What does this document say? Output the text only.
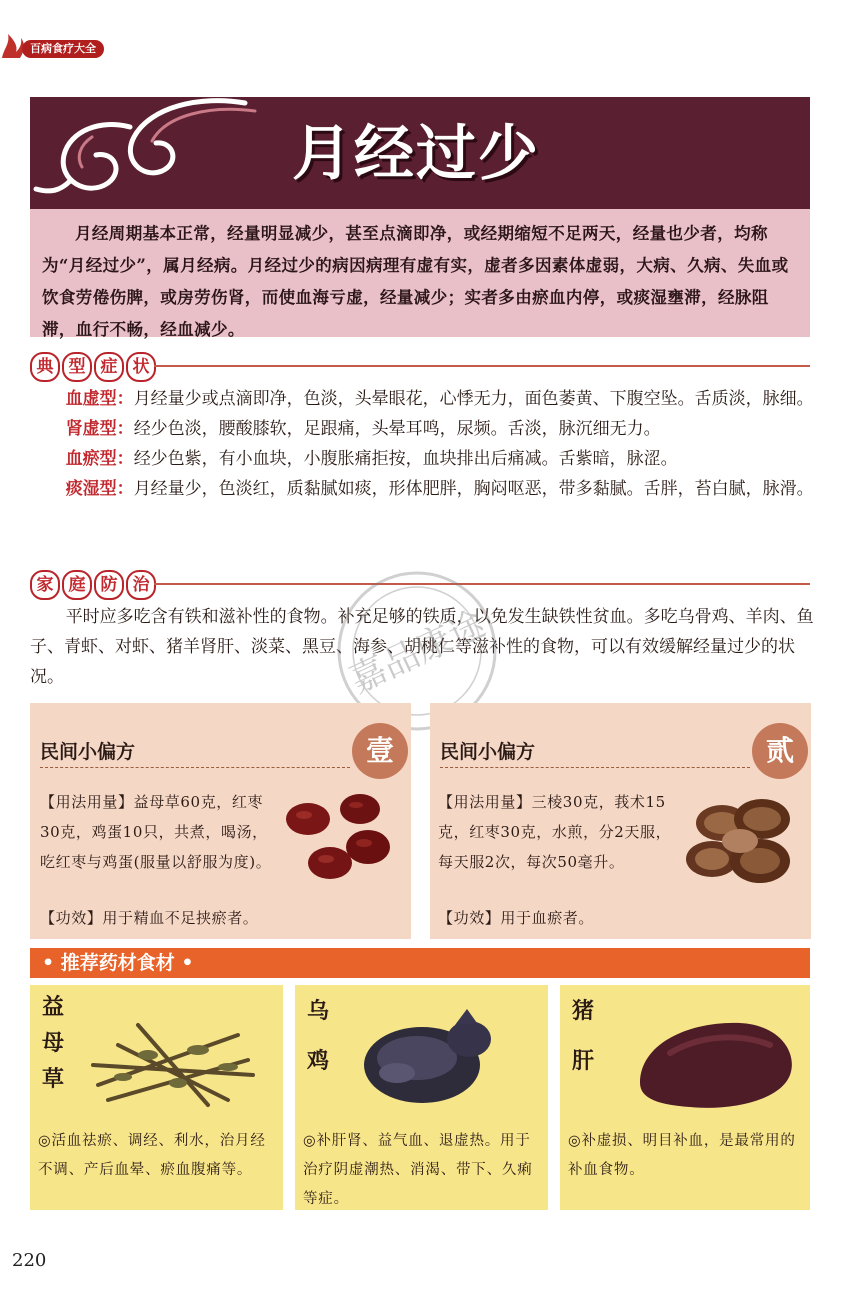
百病食疗大全
月经过少
月经周期基本正常，经量明显减少，甚至点滴即净，或经期缩短不足两天，经量也少者，均称为“月经过少”，属月经病。月经过少的病因病理有虚有实，虚者多因素体虚弱，大病、久病、失血或饮食劳倦伤脾，或房劳伤肾，而使血海亏虚，经量减少；实者多由瘀血内停，或痰湿壅滞，经脉阻滞，血行不畅，经血减少。
典 型 症 状

血虚型：月经量少或点滴即净，色淡，头晕眼花，心悸无力，面色萎黄、下腹空坠。舌质淡，脉细。

肾虚型：经少色淡，腰酸膝软，足跟痛，头晕耳鸣，尿频。舌淡，脉沉细无力。

血瘀型：经少色紫，有小血块，小腹胀痛拒按，血块排出后痛减。舌紫暗，脉涩。

痰湿型：月经量少，色淡红，质黏腻如痰，形体肥胖，胸闷呕恶，带多黏腻。舌胖，苔白腻，脉滑。

家 庭 防 治
平时应多吃含有铁和滋补性的食物。补充足够的铁质，以免发生缺铁性贫血。多吃乌骨鸡、羊肉、鱼子、青虾、对虾、猪羊肾肝、淡菜、黑豆、海参、胡桃仁等滋补性的食物，可以有效缓解经量过少的状况。	嘉品康途
民间小偏方	壹
【用法用量】益母草60克，红枣30克，鸡蛋10只，共煮，喝汤，吃红枣与鸡蛋(服量以舒服为度)。
【功效】用于精血不足挟瘀者。
民间小偏方	贰
【用法用量】三棱30克，莪术15克，红枣30克，水煎，分2天服，每天服2次，每次50毫升。
【功效】用于血瘀者。
• 推荐药材食材 •
益
母
草
◎活血祛瘀、调经、利水，治月经不调、产后血晕、瘀血腹痛等。
乌
鸡
◎补肝肾、益气血、退虚热。用于治疗阴虚潮热、消渴、带下、久痢等症。
猪
肝
◎补虚损、明目补血，是最常用的补血食物。
220
